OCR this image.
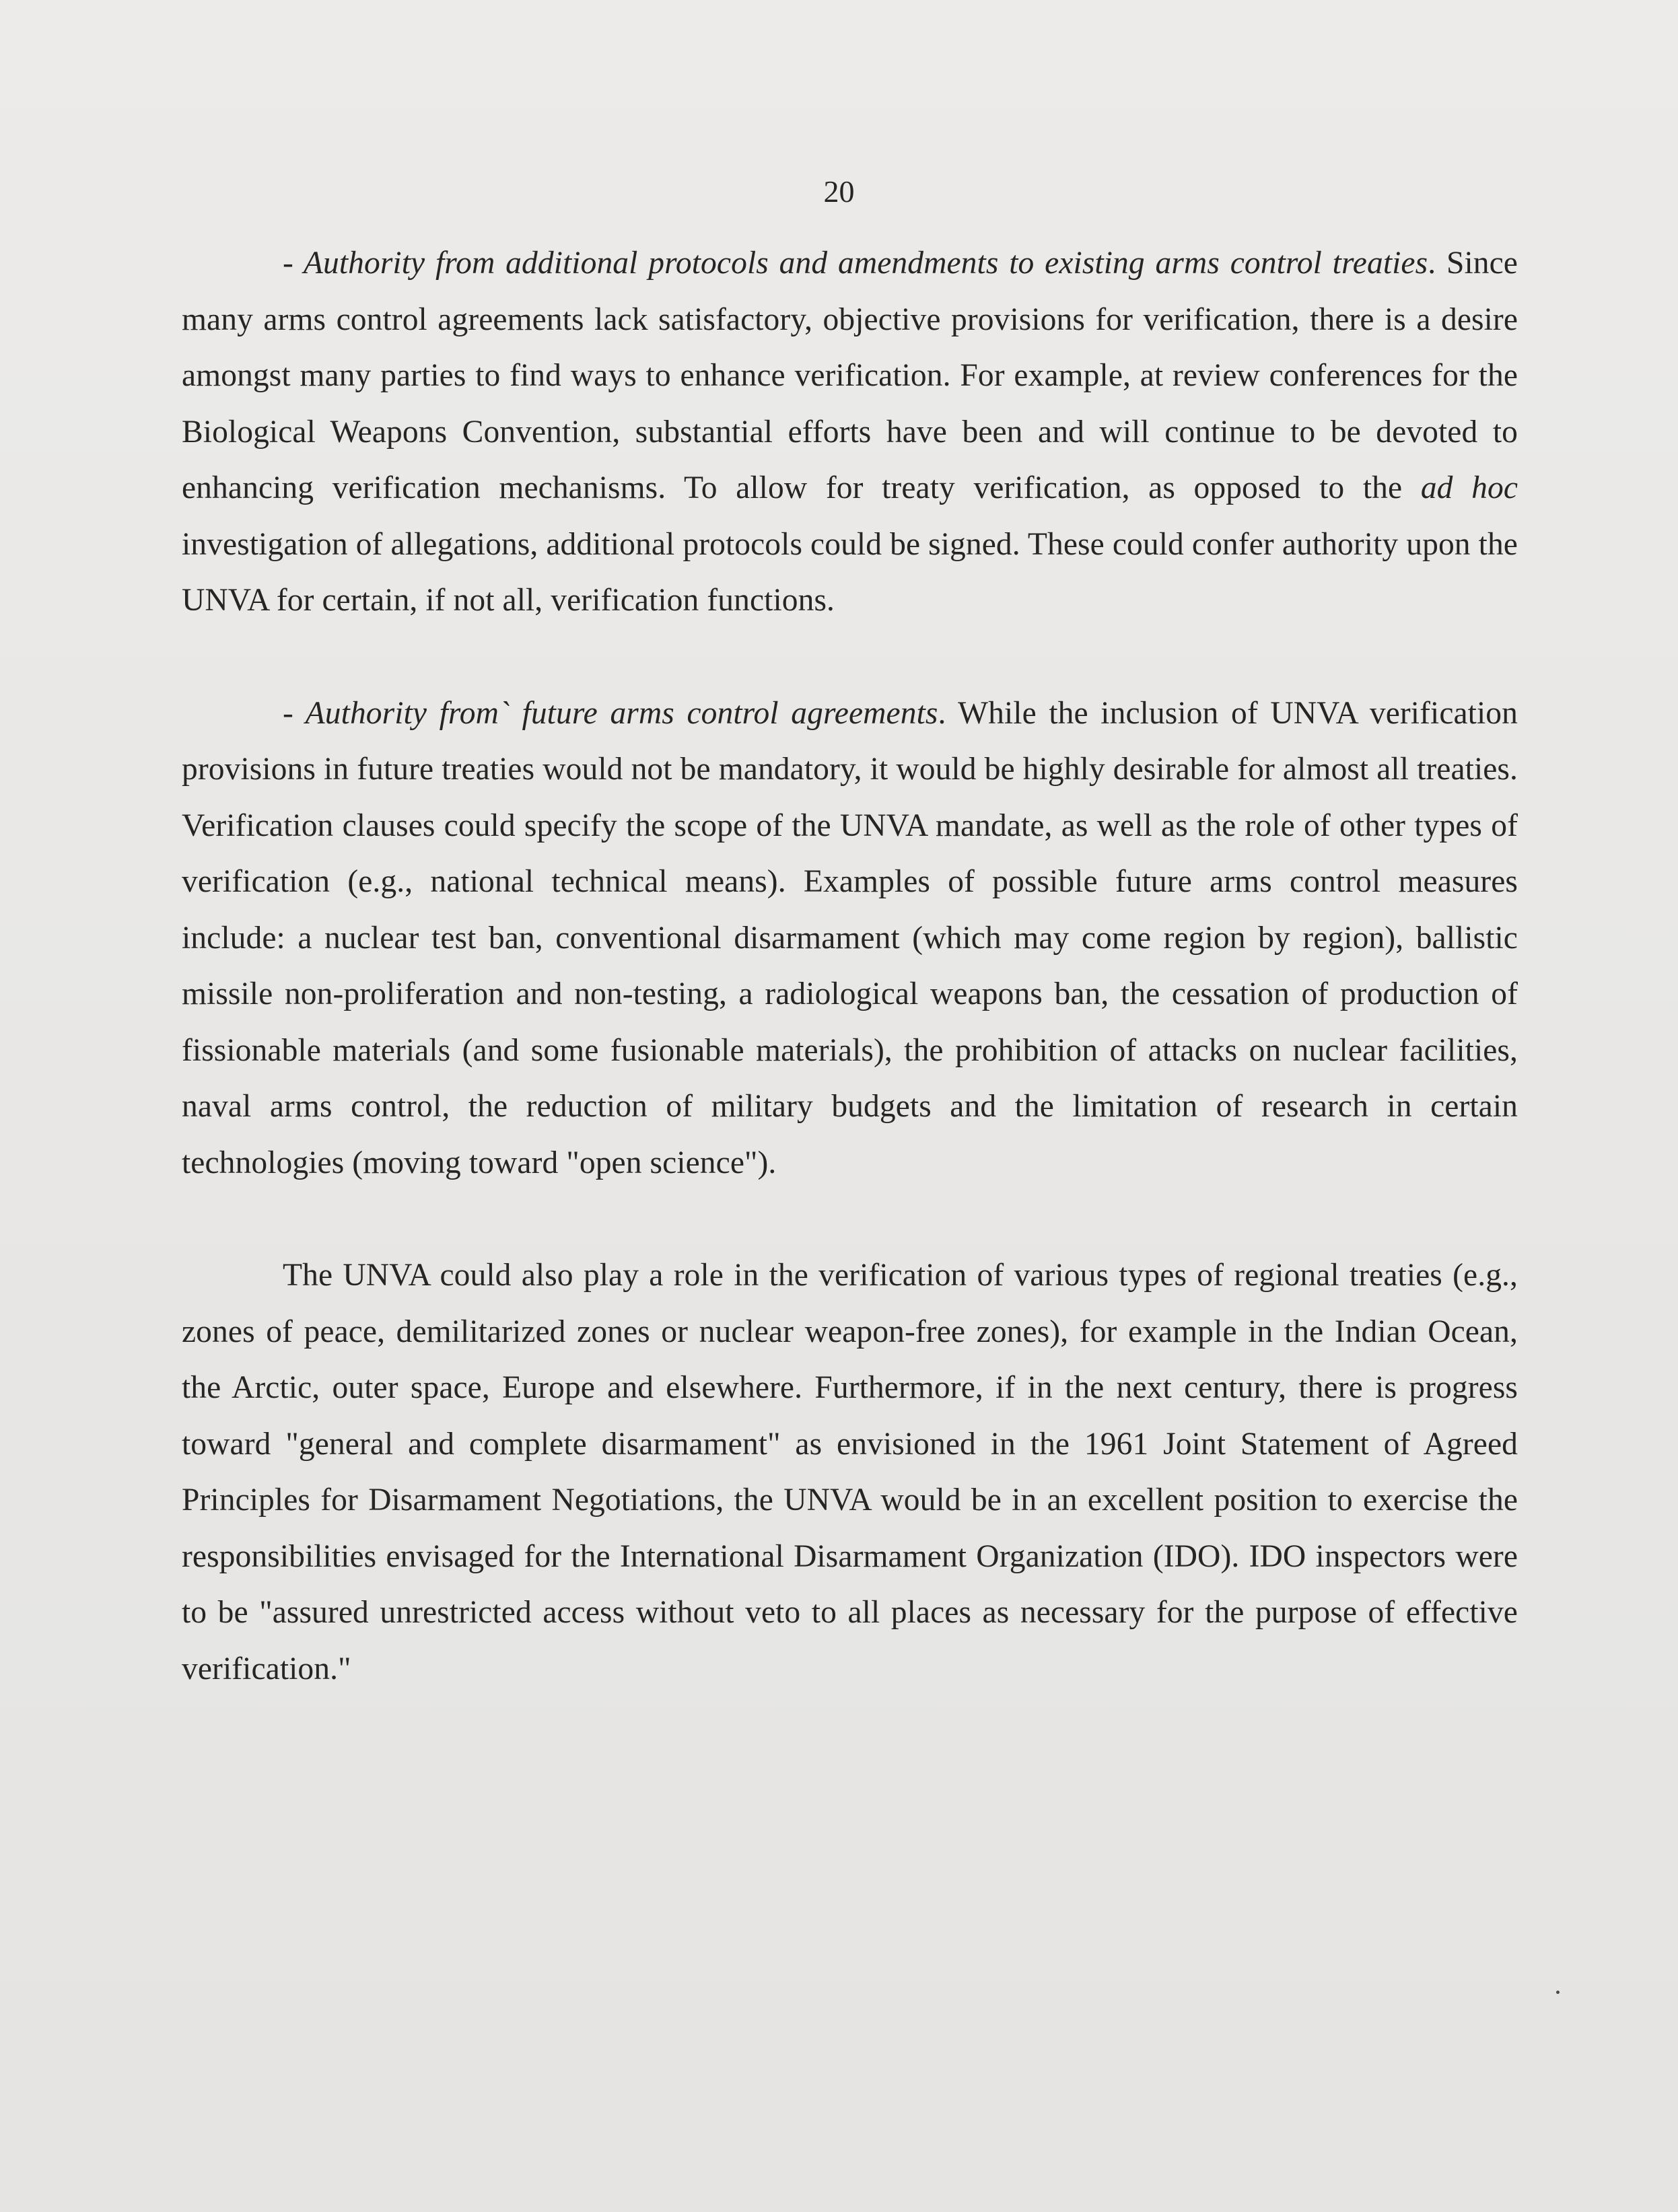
20

- Authority from additional protocols and amendments to existing arms control treaties. Since many arms control agreements lack satisfactory, objective provisions for verification, there is a desire amongst many parties to find ways to enhance verification. For example, at review conferences for the Biological Weapons Convention, substantial efforts have been and will continue to be devoted to enhancing verification mechanisms. To allow for treaty verification, as opposed to the ad hoc investigation of allegations, additional protocols could be signed. These could confer authority upon the UNVA for certain, if not all, verification functions.

- Authority from` future arms control agreements. While the inclusion of UNVA verification provisions in future treaties would not be mandatory, it would be highly desirable for almost all treaties. Verification clauses could specify the scope of the UNVA mandate, as well as the role of other types of verification (e.g., national technical means). Examples of possible future arms control measures include: a nuclear test ban, conventional disarmament (which may come region by region), ballistic missile non-proliferation and non-testing, a radiological weapons ban, the cessation of production of fissionable materials (and some fusionable materials), the prohibition of attacks on nuclear facilities, naval arms control, the reduction of military budgets and the limitation of research in certain technologies (moving toward "open science").

The UNVA could also play a role in the verification of various types of regional treaties (e.g., zones of peace, demilitarized zones or nuclear weapon-free zones), for example in the Indian Ocean, the Arctic, outer space, Europe and elsewhere. Furthermore, if in the next century, there is progress toward "general and complete disarmament" as envisioned in the 1961 Joint Statement of Agreed Principles for Disarmament Negotiations, the UNVA would be in an excellent position to exercise the responsibilities envisaged for the International Disarmament Organization (IDO). IDO inspectors were to be "assured unrestricted access without veto to all places as necessary for the purpose of effective verification."
